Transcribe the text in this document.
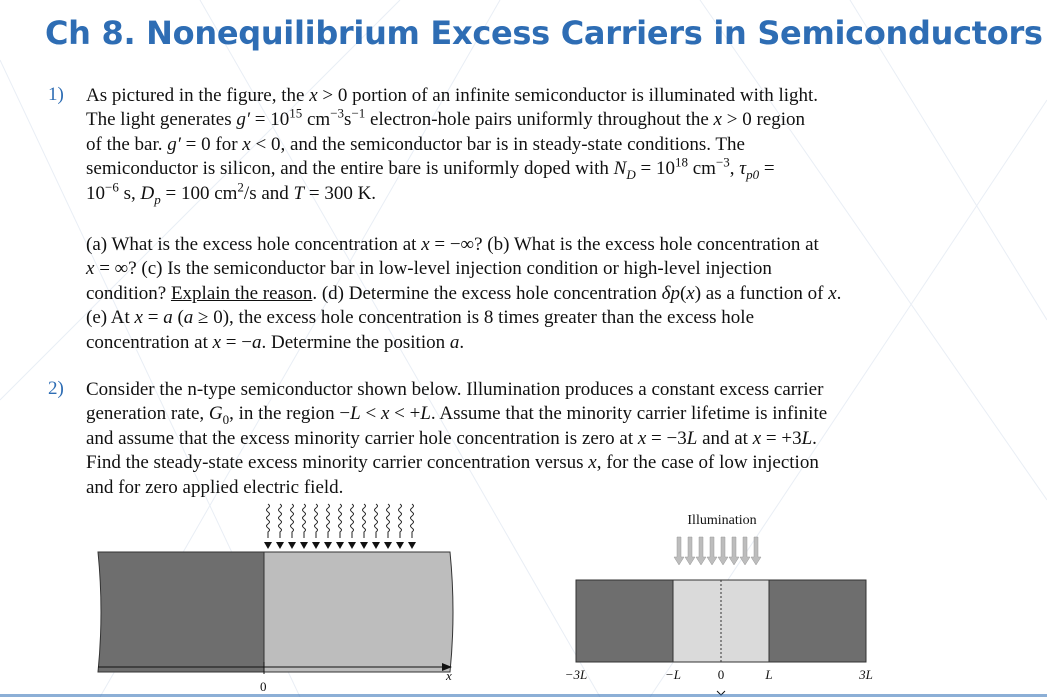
Ch 8. Nonequilibrium Excess Carriers in Semiconductors
1) As pictured in the figure, the x > 0 portion of an infinite semiconductor is illuminated with light.

The light generates $g' = 10^{15}$ $cm^{-3}s^{-1}$ electron-hole pairs uniformly throughout the x > 0 region

of the bar. g′ = 0 for x < 0, and the semiconductor bar is in steady-state conditions. The

semiconductor is silicon, and the entire bare is uniformly doped with $N_D = 10^{18}$ $cm^{-3}$, $\tau_{p0}$ =

$10^{-6}$ s, $D_p = 100$ $cm^2/s$ and T = 300 K.

(a) What is the excess hole concentration at x = −∞? (b) What is the excess hole concentration at

x = ∞? (c) Is the semiconductor bar in low-level injection condition or high-level injection

condition? Explain the reason. (d) Determine the excess hole concentration δp(x) as a function of x.

(e) At x = a (a ≥ 0), the excess hole concentration is 8 times greater than the excess hole

concentration at x = −a. Determine the position a.

2) Consider the n-type semiconductor shown below. Illumination produces a constant excess carrier

generation rate, $G_0$, in the region −L < x < +L. Assume that the minority carrier lifetime is infinite

and assume that the excess minority carrier hole concentration is zero at x = −3L and at x = +3L.

Find the steady-state excess minority carrier concentration versus x, for the case of low injection

and for zero applied electric field.

x
0
Illumination
−3L	−L	0	L	3L
